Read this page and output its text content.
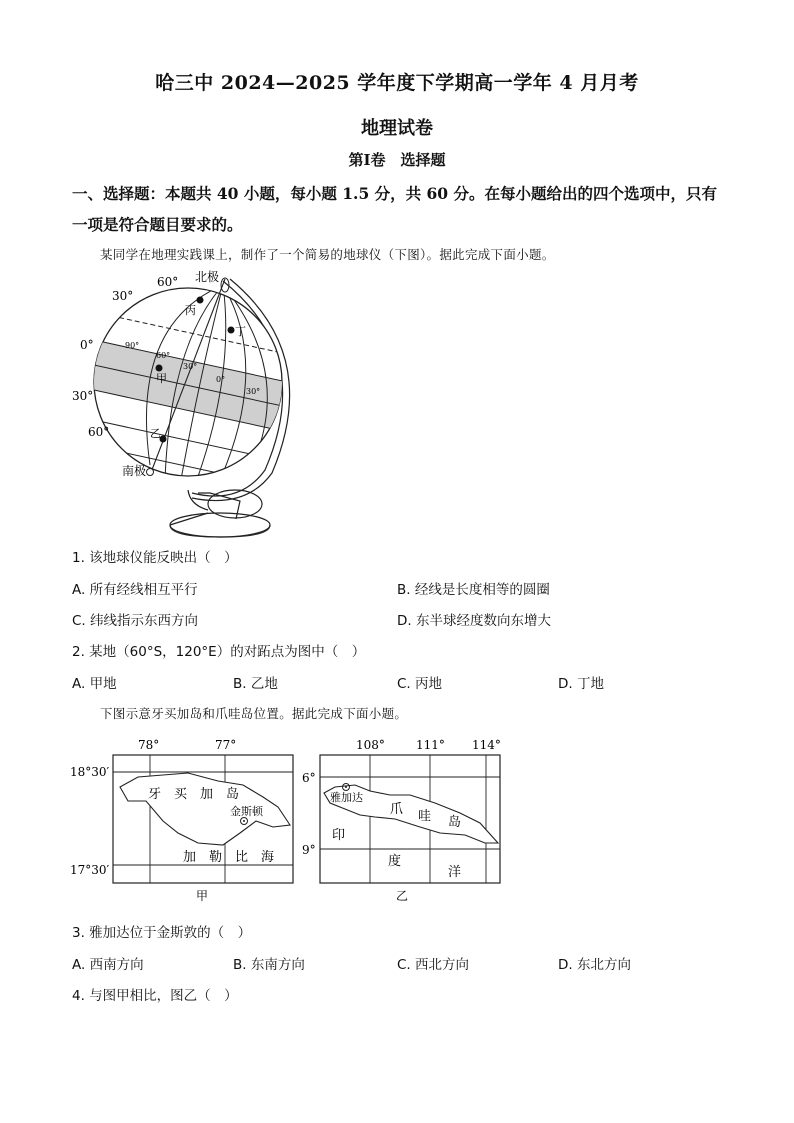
哈三中 2024—2025 学年度下学期高一学年 4 月月考
地理试卷
第Ⅰ卷　选择题
一、选择题：本题共 40 小题，每小题 1.5 分，共 60 分。在每小题给出的四个选项中，只有一项是符合题目要求的。
某同学在地理实践课上，制作了一个简易的地球仪（下图）。据此完成下面小题。
60°
30°
0°
30°
60°
北极
南极
丙
丁
甲
乙
90°
60°
30°
0°
30°
1. 该地球仪能反映出（　）
A. 所有经线相互平行	B. 经线是长度相等的圆圈
C. 纬线指示东西方向	D. 东半球经度数向东增大
2. 某地（60°S，120°E）的对跖点为图中（　）
A. 甲地	B. 乙地	C. 丙地	D. 丁地
下图示意牙买加岛和爪哇岛位置。据此完成下面小题。
78°	77°
18°30′
17°30′
牙　买　加　岛
金斯顿
加　勒　比　海
甲
108°	111° 114°
6°
9°
雅加达
爪 哇 岛
印
度
洋
乙
3. 雅加达位于金斯敦的（　）
A. 西南方向	B. 东南方向	C. 西北方向	D. 东北方向
4. 与图甲相比，图乙（　）
